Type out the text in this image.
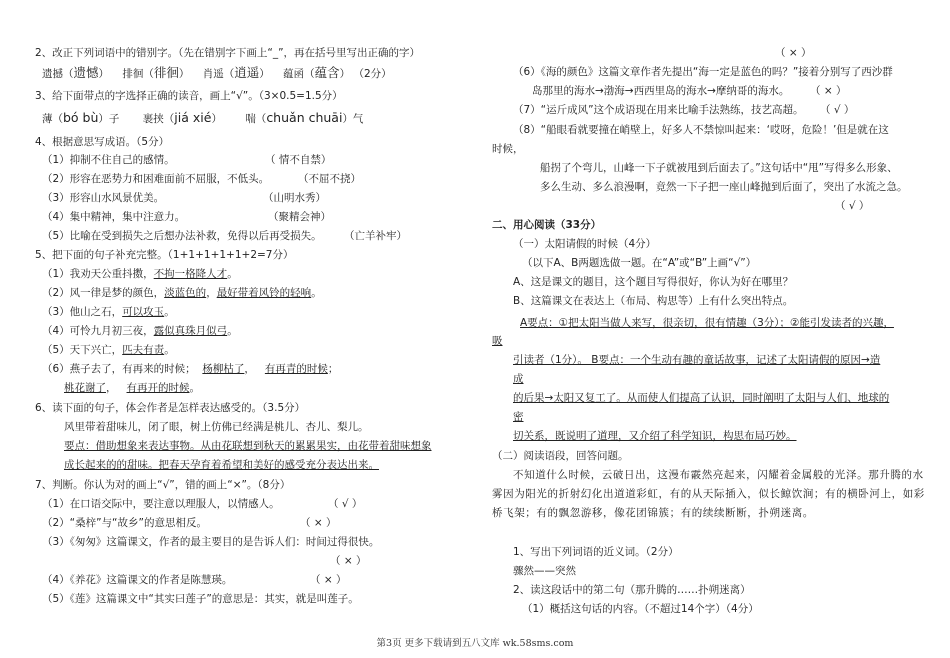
2、改正下列词语中的错别字。（先在错别字下画上“_”，再在括号里写出正确的字）
遗撼（遗憾） 排徊（徘徊） 肖遥（逍遥） 蕴函（蕴含） （2分）
3、给下面带点的字选择正确的读音，画上“√”。（3×0.5=1.5分）
薄（bó bù）子 裹挟（jiá xié） 喘（chuǎn chuāi）气
4、根据意思写成语。（5分）
（1）抑制不住自己的感情。	（ 情不自禁）
（2）形容在恶势力和困难面前不屈服，不低头。	（不屈不挠）
（3）形容山水风景优美。	（山明水秀）
（4）集中精神，集中注意力。	（聚精会神）
（5）比喻在受到损失之后想办法补救，免得以后再受损失。 （亡羊补牢）
5、把下面的句子补充完整。（1+1+1+1+1+2=7分）
（1）我劝天公重抖擞，不拘一格降人才。
（2）风一律是梦的颜色，淡蓝色的，最好带着风铃的轻响。
（3）他山之石，可以攻玉。
（4）可怜九月初三夜，露似真珠月似弓。
（5）天下兴亡，匹夫有责。
（6）燕子去了，有再来的时候； 杨柳枯了， 有再青的时候；
桃花谢了， 有再开的时候。
6、读下面的句子，体会作者是怎样表达感受的。（3.5分）
风里带着甜味儿，闭了眼，树上仿佛已经满是桃儿、杏儿、梨儿。
要点：借助想象来表达事物。从由花联想到秋天的累累果实，由花带着甜味想象
成长起来的的甜味。把春天孕育着希望和美好的感受充分表达出来。
7、判断。你认为对的画上“√”，错的画上“×”。（8分）
（1）在口语交际中，要注意以理服人，以情感人。	（ √ ）
（2）“桑梓”与“故乡”的意思相反。	（ × ）
（3）《匆匆》这篇课文，作者的最主要目的是告诉人们：时间过得很快。
（ × ）
（4）《养花》这篇课文的作者是陈慧瑛。	（ × ）
（5）《莲》这篇课文中“其实曰莲子”的意思是：其实，就是叫莲子。
（ × ）
（6）《海的颜色》这篇文章作者先提出“海一定是蓝色的吗？”接着分别写了西沙群
岛那里的海水→渤海→西西里岛的海水→摩纳哥的海水。 （ × ）
（7）“运斤成风”这个成语现在用来比喻手法熟练，技艺高超。 （ √ ）
（8）“船眼看就要撞在峭壁上，好多人不禁惊叫起来：‘哎呀，危险！’但是就在这
时候，
船拐了个弯儿，山峰一下子就被甩到后面去了。”这句话中“甩”写得多么形象、
多么生动、多么浪漫啊，竟然一下子把一座山峰抛到后面了，突出了水流之急。
（ √ ）
二、用心阅读（33分）
（一）太阳请假的时候（4分）
（以下A、B两题选做一题。在“A”或“B”上画“√”）
A、这是课文的题目，这个题目写得很好，你认为好在哪里？
B、这篇课文在表达上（布局、构思等）上有什么突出特点。
A要点：①把太阳当做人来写，很亲切，很有情趣（3分）；②能引发读者的兴趣，
吸
引读者（1分）。 B要点：一个生动有趣的童话故事，记述了太阳请假的原因→造
成
的后果→太阳又复工了。从而使人们提高了认识，同时阐明了太阳与人们、地球的
密
切关系，既说明了道理，又介绍了科学知识，构思布局巧妙。
（二）阅读语段，回答问题。
不知道什么时候，云破日出，这漫布霰然亮起来，闪耀着金属般的光泽。那升腾的水
雾因为阳光的折射幻化出道道彩虹，有的从天际插入，似长鲸饮涧；有的横卧河上，如彩
桥飞架；有的飘忽游移，像花团锦簇；有的续续断断，扑朔迷离。
1、写出下列词语的近义词。（2分）
骤然——突然
2、读这段话中的第二句（那升腾的……扑朔迷离）
（1）概括这句话的内容。（不超过14个字）（4分）
第3页 更多下载请到五八文库 wk.58sms.com
